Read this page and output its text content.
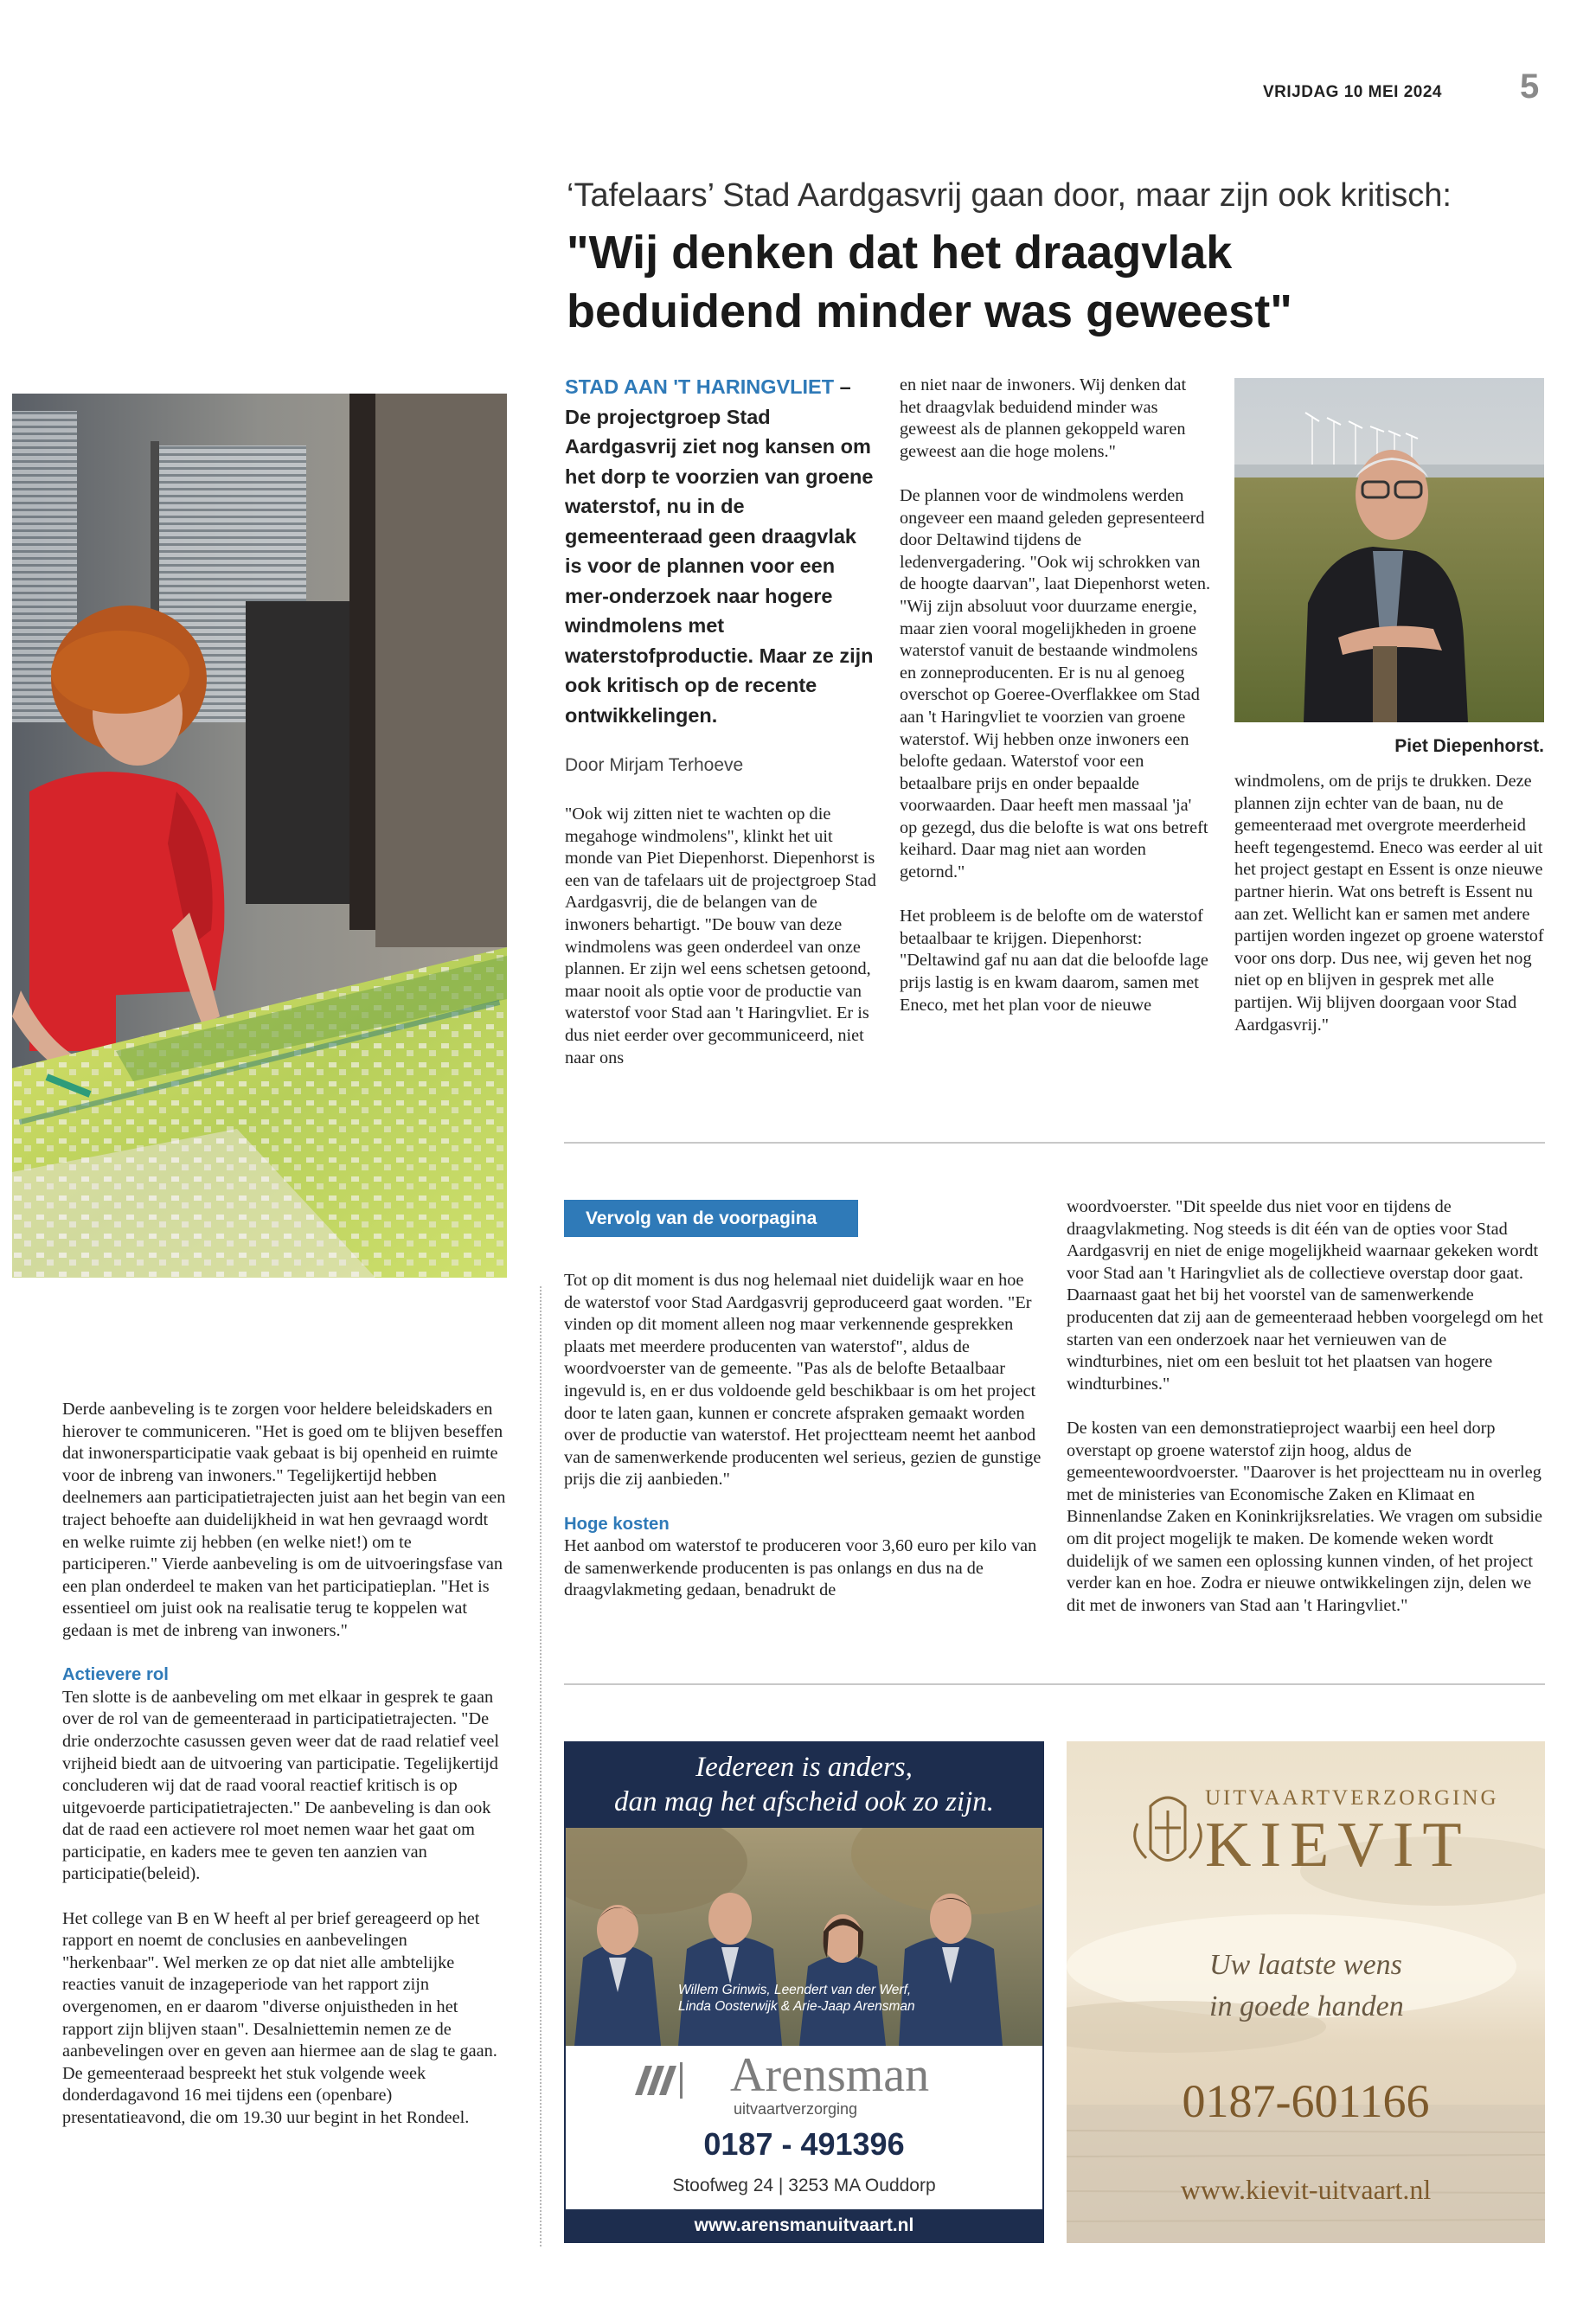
VRIJDAG 10 MEI 2024 5
‘Tafelaars’ Stad Aardgasvrij gaan door, maar zijn ook kritisch:
"Wij denken dat het draagvlak
beduidend minder was geweest"
STAD AAN 'T HARINGVLIET – De projectgroep Stad Aardgasvrij ziet nog kansen om het dorp te voorzien van groene waterstof, nu in de gemeenteraad geen draagvlak is voor de plannen voor een mer-onderzoek naar hogere windmolens met waterstofproductie. Maar ze zijn ook kritisch op de recente ontwikkelingen.
Door Mirjam Terhoeve

"Ook wij zitten niet te wachten op die megahoge windmolens", klinkt het uit monde van Piet Diepenhorst. Diepenhorst is een van de tafelaars uit de projectgroep Stad Aardgasvrij, die de belangen van de inwoners behartigt. "De bouw van deze windmolens was geen onderdeel van onze plannen. Er zijn wel eens schetsen getoond, maar nooit als optie voor de productie van waterstof voor Stad aan 't Haringvliet. Er is dus niet eerder over gecommuniceerd, niet naar ons

en niet naar de inwoners. Wij denken dat het draagvlak beduidend minder was geweest als de plannen gekoppeld waren geweest aan die hoge molens."

De plannen voor de windmolens werden ongeveer een maand geleden gepresenteerd door Deltawind tijdens de ledenvergadering. "Ook wij schrokken van de hoogte daarvan", laat Diepenhorst weten. "Wij zijn absoluut voor duurzame energie, maar zien vooral mogelijkheden in groene waterstof vanuit de bestaande windmolens en zonneproducenten. Er is nu al genoeg overschot op Goeree-Overflakkee om Stad aan 't Haringvliet te voorzien van groene waterstof. Wij hebben onze inwoners een belofte gedaan. Waterstof voor een betaalbare prijs en onder bepaalde voorwaarden. Daar heeft men massaal 'ja' op gezegd, dus die belofte is wat ons betreft keihard. Daar mag niet aan worden getornd."

Het probleem is de belofte om de waterstof betaalbaar te krijgen. Diepenhorst: "Deltawind gaf nu aan dat die beloofde lage prijs lastig is en kwam daarom, samen met Eneco, met het plan voor de nieuwe

Piet Diepenhorst.

windmolens, om de prijs te drukken. Deze plannen zijn echter van de baan, nu de gemeenteraad met overgrote meerderheid heeft tegengestemd. Eneco was eerder al uit het project gestapt en Essent is onze nieuwe partner hierin. Wat ons betreft is Essent nu aan zet. Wellicht kan er samen met andere partijen worden ingezet op groene waterstof voor ons dorp. Dus nee, wij geven het nog niet op en blijven in gesprek met alle partijen. Wij blijven doorgaan voor Stad Aardgasvrij."

Vervolg van de voorpagina

Tot op dit moment is dus nog helemaal niet duidelijk waar en hoe de waterstof voor Stad Aardgasvrij geproduceerd gaat worden. "Er vinden op dit moment alleen nog maar verkennende gesprekken plaats met meerdere producenten van waterstof", aldus de woordvoerster van de gemeente. "Pas als de belofte Betaalbaar ingevuld is, en er dus voldoende geld beschikbaar is om het project door te laten gaan, kunnen er concrete afspraken gemaakt worden over de productie van waterstof. Het projectteam neemt het aanbod van de samenwerkende producenten wel serieus, gezien de gunstige prijs die zij aanbieden."

Hoge kosten

Het aanbod om waterstof te produceren voor 3,60 euro per kilo van de samenwerkende producenten is pas onlangs en dus na de draagvlakmeting gedaan, benadrukt de

woordvoerster. "Dit speelde dus niet voor en tijdens de draagvlakmeting. Nog steeds is dit één van de opties voor Stad Aardgasvrij en niet de enige mogelijkheid waarnaar gekeken wordt voor Stad aan 't Haringvliet als de collectieve overstap door gaat. Daarnaast gaat het bij het voorstel van de samenwerkende producenten dat zij aan de gemeenteraad hebben voorgelegd om het starten van een onderzoek naar het vernieuwen van de windturbines, niet om een besluit tot het plaatsen van hogere windturbines."

De kosten van een demonstratieproject waarbij een heel dorp overstapt op groene waterstof zijn hoog, aldus de gemeentewoordvoerster. "Daarover is het projectteam nu in overleg met de ministeries van Economische Zaken en Klimaat en Binnenlandse Zaken en Koninkrijksrelaties. We vragen om subsidie om dit project mogelijk te maken. De komende weken wordt duidelijk of we samen een oplossing kunnen vinden, of het project verder kan en hoe. Zodra er nieuwe ontwikkelingen zijn, delen we dit met de inwoners van Stad aan 't Haringvliet."

Derde aanbeveling is te zorgen voor heldere beleidskaders en hierover te communiceren. "Het is goed om te blijven beseffen dat inwonersparticipatie vaak gebaat is bij openheid en ruimte voor de inbreng van inwoners." Tegelijkertijd hebben deelnemers aan participatietrajecten juist aan het begin van een traject behoefte aan duidelijkheid in wat hen gevraagd wordt en welke ruimte zij hebben (en welke niet!) om te participeren." Vierde aanbeveling is om de uitvoeringsfase van een plan onderdeel te maken van het participatieplan. "Het is essentieel om juist ook na realisatie terug te koppelen wat gedaan is met de inbreng van inwoners."

Actievere rol

Ten slotte is de aanbeveling om met elkaar in gesprek te gaan over de rol van de gemeenteraad in participatietrajecten. "De drie onderzochte casussen geven weer dat de raad relatief veel vrijheid biedt aan de uitvoering van participatie. Tegelijkertijd concluderen wij dat de raad vooral reactief kritisch is op uitgevoerde participatietrajecten." De aanbeveling is dan ook dat de raad een actievere rol moet nemen waar het gaat om participatie, en kaders mee te geven ten aanzien van participatie(beleid).

Het college van B en W heeft al per brief gereageerd op het rapport en noemt de conclusies en aanbevelingen "herkenbaar". Wel merken ze op dat niet alle ambtelijke reacties vanuit de inzageperiode van het rapport zijn overgenomen, en er daarom "diverse onjuistheden in het rapport zijn blijven staan". Desalniettemin nemen ze de aanbevelingen over en geven aan hiermee aan de slag te gaan. De gemeenteraad bespreekt het stuk volgende week donderdagavond 16 mei tijdens een (openbare) presentatieavond, die om 19.30 uur begint in het Rondeel.

Iedereen is anders,
dan mag het afscheid ook zo zijn.
Willem Grinwis, Leendert van der Werf,
Linda Oosterwijk & Arie-Jaap Arensman
Arensman
uitvaartverzorging
0187 - 491396
Stoofweg 24 | 3253 MA Ouddorp
www.arensmanuitvaart.nl
UITVAARTVERZORGING
KIEVIT
Uw laatste wens
in goede handen
0187-601166
www.kievit-uitvaart.nl
